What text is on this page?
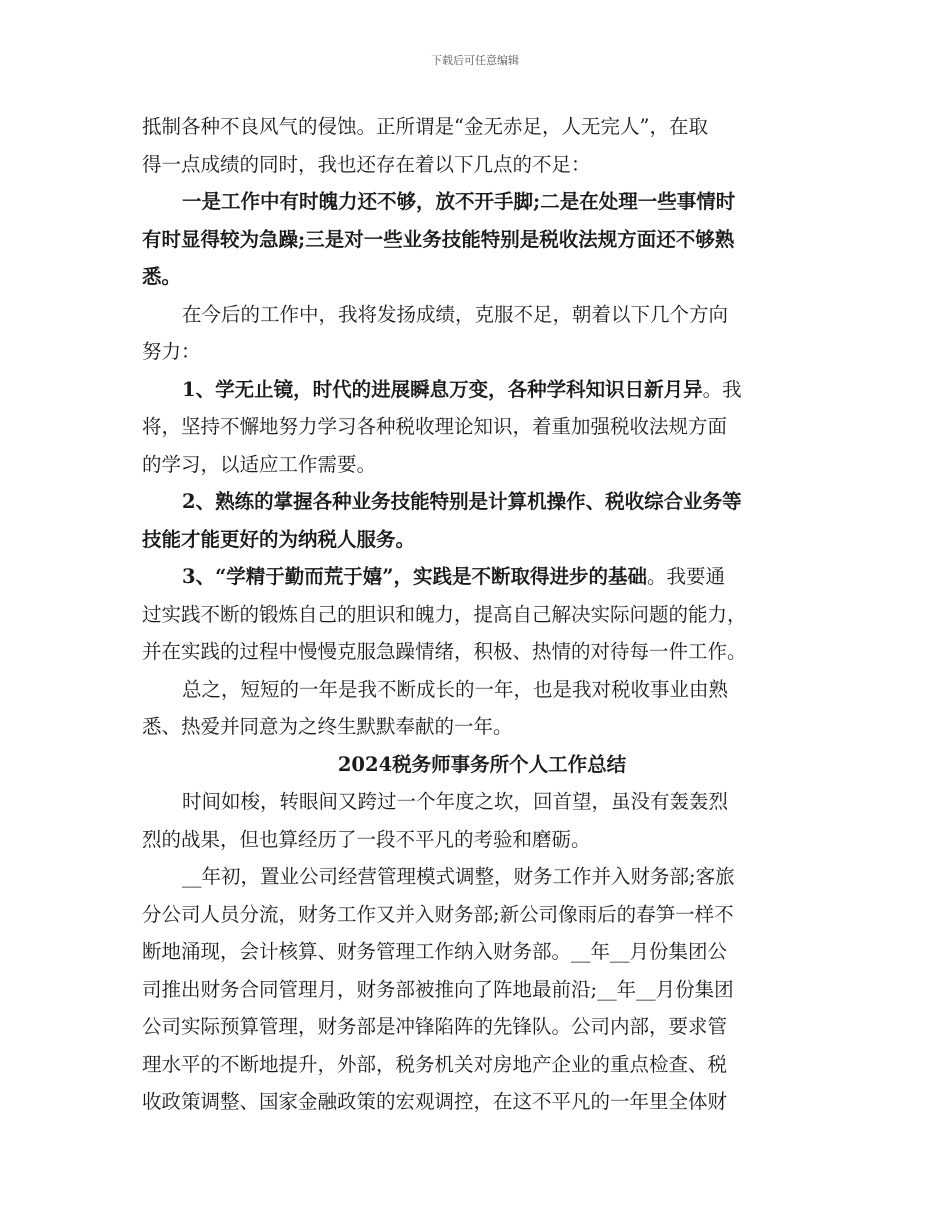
下载后可任意编辑
抵制各种不良风气的侵蚀。正所谓是“金无赤足，人无完人”，在取
得一点成绩的同时，我也还存在着以下几点的不足：
一是工作中有时魄力还不够，放不开手脚;二是在处理一些事情时
有时显得较为急躁;三是对一些业务技能特别是税收法规方面还不够熟
悉。
在今后的工作中，我将发扬成绩，克服不足，朝着以下几个方向
努力：
1、学无止镜，时代的进展瞬息万变，各种学科知识日新月异。我
将，坚持不懈地努力学习各种税收理论知识，着重加强税收法规方面
的学习，以适应工作需要。
2、熟练的掌握各种业务技能特别是计算机操作、税收综合业务等
技能才能更好的为纳税人服务。
3、“学精于勤而荒于嬉”，实践是不断取得进步的基础。我要通
过实践不断的锻炼自己的胆识和魄力，提高自己解决实际问题的能力，
并在实践的过程中慢慢克服急躁情绪，积极、热情的对待每一件工作。
总之，短短的一年是我不断成长的一年，也是我对税收事业由熟
悉、热爱并同意为之终生默默奉献的一年。
2024税务师事务所个人工作总结
时间如梭，转眼间又跨过一个年度之坎，回首望，虽没有轰轰烈
烈的战果，但也算经历了一段不平凡的考验和磨砺。
__年初，置业公司经营管理模式调整，财务工作并入财务部;客旅
分公司人员分流，财务工作又并入财务部;新公司像雨后的春笋一样不
断地涌现，会计核算、财务管理工作纳入财务部。__年__月份集团公
司推出财务合同管理月，财务部被推向了阵地最前沿;__年__月份集团
公司实际预算管理，财务部是冲锋陷阵的先锋队。公司内部，要求管
理水平的不断地提升，外部，税务机关对房地产企业的重点检查、税
收政策调整、国家金融政策的宏观调控，在这不平凡的一年里全体财
